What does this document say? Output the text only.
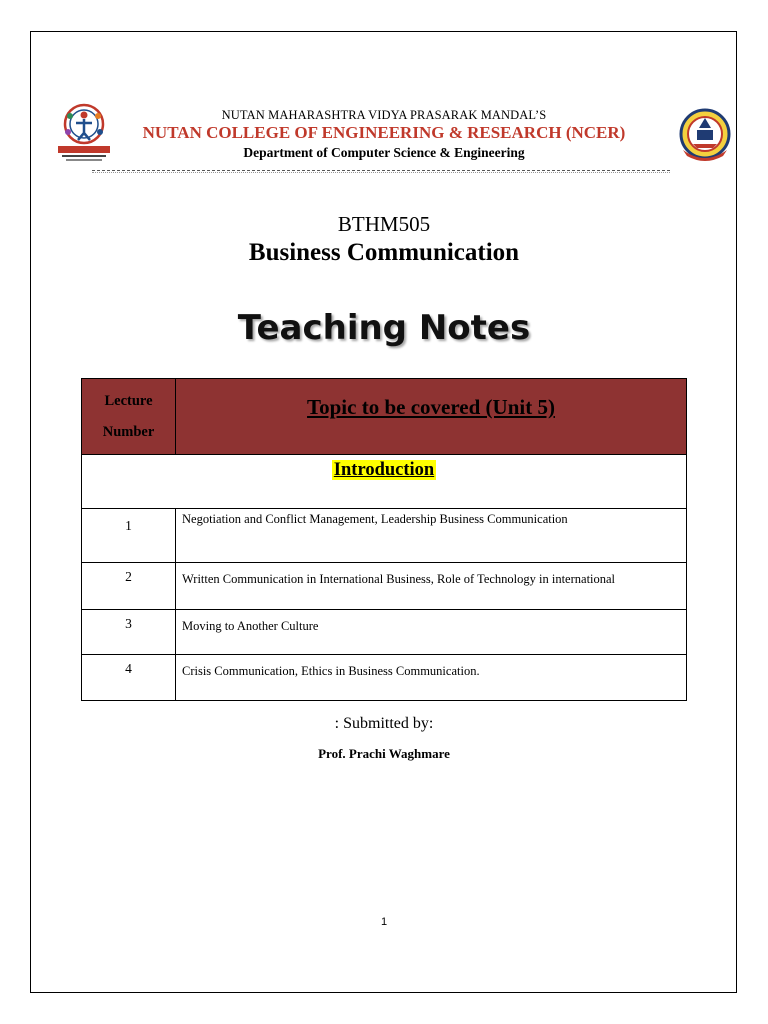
NUTAN MAHARASHTRA VIDYA PRASARAK MANDAL’S
NUTAN COLLEGE OF ENGINEERING & RESEARCH (NCER)
Department of Computer Science & Engineering
BTHM505
Business Communication
Teaching Notes
Lecture
Number	Topic to be covered (Unit 5)
Introduction	
1	Negotiation and Conflict Management, Leadership Business Communication
2	Written Communication in International Business, Role of Technology in international
3	Moving to Another Culture
4	Crisis Communication, Ethics in Business Communication.
: Submitted by:
Prof. Prachi Waghmare
1
